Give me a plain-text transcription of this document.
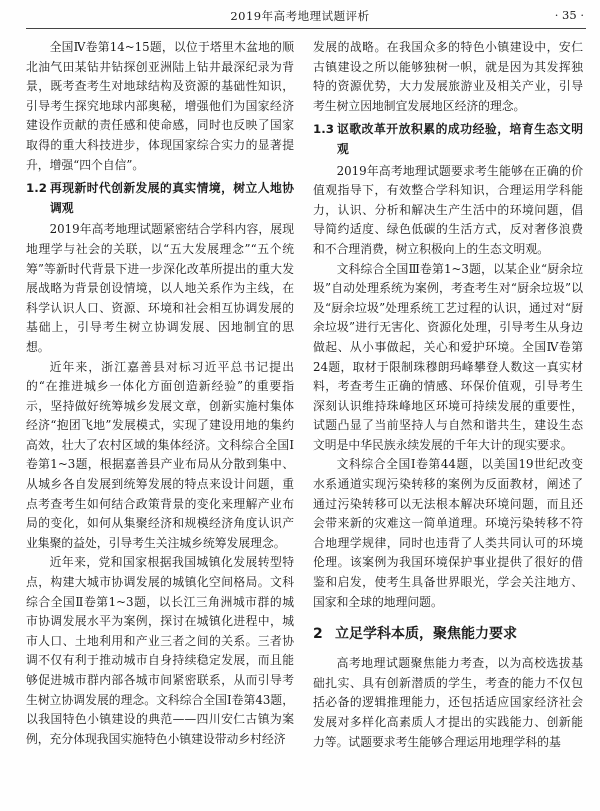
2019年高考地理试题评析	· 35 ·

全国Ⅳ卷第14~15题，以位于塔里木盆地的顺北油气田某钻井钻探创亚洲陆上钻井最深纪录为背景，既考查考生对地球结构及资源的基础性知识，引导考生探究地球内部奥秘，增强他们为国家经济建设作贡献的责任感和使命感，同时也反映了国家取得的重大科技进步，体现国家综合实力的显著提升，增强“四个自信”。

1.2 再现新时代创新发展的真实情境，树立人地协调观

2019年高考地理试题紧密结合学科内容，展现地理学与社会的关联，以“五大发展理念”“五个统筹”等新时代背景下进一步深化改革所提出的重大发展战略为背景创设情境，以人地关系作为主线，在科学认识人口、资源、环境和社会相互协调发展的基础上，引导考生树立协调发展、因地制宜的思想。

近年来，浙江嘉善县对标习近平总书记提出的“在推进城乡一体化方面创造新经验”的重要指示，坚持做好统筹城乡发展文章，创新实施村集体经济“抱团飞地”发展模式，实现了建设用地的集约高效，壮大了农村区域的集体经济。文科综合全国Ⅰ卷第1~3题，根据嘉善县产业布局从分散到集中、从城乡各自发展到统筹发展的特点来设计问题，重点考查考生如何结合政策背景的变化来理解产业布局的变化，如何从集聚经济和规模经济角度认识产业集聚的益处，引导考生关注城乡统筹发展理念。

近年来，党和国家根据我国城镇化发展转型特点，构建大城市协调发展的城镇化空间格局。文科综合全国Ⅱ卷第1~3题，以长江三角洲城市群的城市协调发展水平为案例，探讨在城镇化进程中，城市人口、土地利用和产业三者之间的关系。三者协调不仅有利于推动城市自身持续稳定发展，而且能够促进城市群内部各城市间紧密联系，从而引导考生树立协调发展的理念。文科综合全国Ⅰ卷第43题，以我国特色小镇建设的典范——四川安仁古镇为案例，充分体现我国实施特色小镇建设带动乡村经济

发展的战略。在我国众多的特色小镇建设中，安仁古镇建设之所以能够独树一帜，就是因为其发挥独特的资源优势，大力发展旅游业及相关产业，引导考生树立因地制宜发展地区经济的理念。

1.3 讴歌改革开放积累的成功经验，培育生态文明观

2019年高考地理试题要求考生能够在正确的价值观指导下，有效整合学科知识，合理运用学科能力，认识、分析和解决生产生活中的环境问题，倡导简约适度、绿色低碳的生活方式，反对奢侈浪费和不合理消费，树立积极向上的生态文明观。

文科综合全国Ⅲ卷第1~3题，以某企业“厨余垃圾”自动处理系统为案例，考查考生对“厨余垃圾”以及“厨余垃圾”处理系统工艺过程的认识，通过对“厨余垃圾”进行无害化、资源化处理，引导考生从身边做起、从小事做起，关心和爱护环境。全国Ⅳ卷第24题，取材于限制珠穆朗玛峰攀登人数这一真实材料，考查考生正确的情感、环保价值观，引导考生深刻认识维持珠峰地区环境可持续发展的重要性，试题凸显了当前坚持人与自然和谐共生，建设生态文明是中华民族永续发展的千年大计的现实要求。

文科综合全国Ⅰ卷第44题，以美国19世纪改变水系通道实现污染转移的案例为反面教材，阐述了通过污染转移可以无法根本解决环境问题，而且还会带来新的灾难这一简单道理。环境污染转移不符合地理学规律，同时也违背了人类共同认可的环境伦理。该案例为我国环境保护事业提供了很好的借鉴和启发，使考生具备世界眼光，学会关注地方、国家和全球的地理问题。

2 立足学科本质，聚焦能力要求

高考地理试题聚焦能力考查，以为高校选拔基础扎实、具有创新潜质的学生，考查的能力不仅包括必备的逻辑推理能力，还包括适应国家经济社会发展对多样化高素质人才提出的实践能力、创新能力等。试题要求考生能够合理运用地理学科的基
